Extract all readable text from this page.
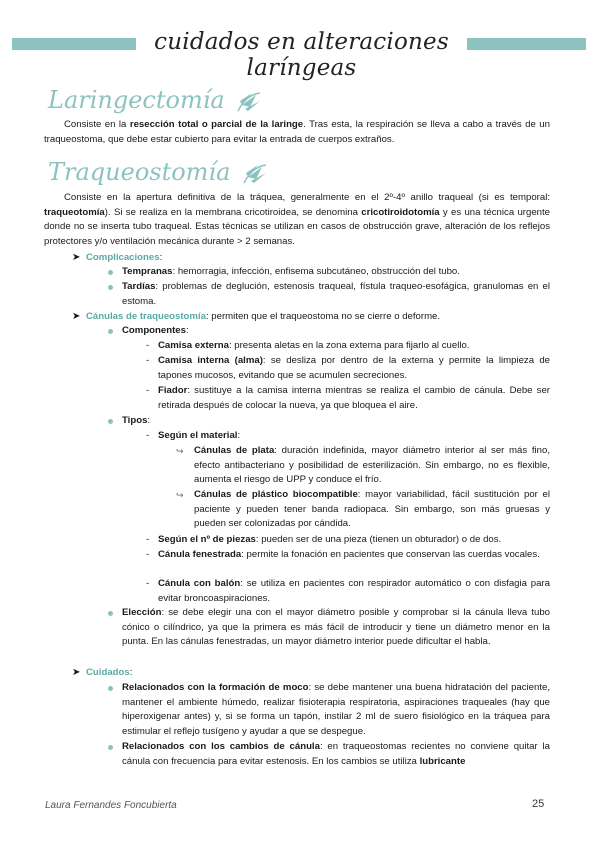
cuidados en alteraciones laríngeas
Laringectomía
Consiste en la resección total o parcial de la laringe. Tras esta, la respiración se lleva a cabo a través de un traqueostoma, que debe estar cubierto para evitar la entrada de cuerpos extraños.
Traqueostomía
Consiste en la apertura definitiva de la tráquea, generalmente en el 2º-4º anillo traqueal (si es temporal: traqueotomía). Si se realiza en la membrana cricotiroidea, se denomina cricotiroidotomía y es una técnica urgente donde no se inserta tubo traqueal. Estas técnicas se utilizan en casos de obstrucción grave, alteración de los reflejos protectores y/o ventilación mecánica durante > 2 semanas.
➤ Complicaciones:
Tempranas: hemorragia, infección, enfisema subcutáneo, obstrucción del tubo.
Tardías: problemas de deglución, estenosis traqueal, fístula traqueo-esofágica, granulomas en el estoma.
➤ Cánulas de traqueostomía: permiten que el traqueostoma no se cierre o deforme.
Componentes:
- Camisa externa: presenta aletas en la zona externa para fijarlo al cuello.
- Camisa interna (alma): se desliza por dentro de la externa y permite la limpieza de tapones mucosos, evitando que se acumulen secreciones.
- Fiador: sustituye a la camisa interna mientras se realiza el cambio de cánula. Debe ser retirada después de colocar la nueva, ya que bloquea el aire.
Tipos:
- Según el material:
↪ Cánulas de plata: duración indefinida, mayor diámetro interior al ser más fino, efecto antibacteriano y posibilidad de esterilización. Sin embargo, no es flexible, aumenta el riesgo de UPP y conduce el frío.
↪ Cánulas de plástico biocompatible: mayor variabilidad, fácil sustitución por el paciente y pueden tener banda radiopaca. Sin embargo, son más gruesas y pueden ser colonizadas por cándida.
- Según el nº de piezas: pueden ser de una pieza (tienen un obturador) o de dos.
- Cánula fenestrada: permite la fonación en pacientes que conservan las cuerdas vocales.
- Cánula con balón: se utiliza en pacientes con respirador automático o con disfagia para evitar broncoaspiraciones.
Elección: se debe elegir una con el mayor diámetro posible y comprobar si la cánula lleva tubo cónico o cilíndrico, ya que la primera es más fácil de introducir y tiene un diámetro menor en la punta. En las cánulas fenestradas, un mayor diámetro interior puede dificultar el habla.
➤ Cuidados:
Relacionados con la formación de moco: se debe mantener una buena hidratación del paciente, mantener el ambiente húmedo, realizar fisioterapia respiratoria, aspiraciones traqueales (hay que hiperoxigenar antes) y, si se forma un tapón, instilar 2 ml de suero fisiológico en la tráquea para estimular el reflejo tusígeno y ayudar a que se despegue.
Relacionados con los cambios de cánula: en traqueostomas recientes no conviene quitar la cánula con frecuencia para evitar estenosis. En los cambios se utiliza lubricante
Laura Fernandes Foncubierta	25
